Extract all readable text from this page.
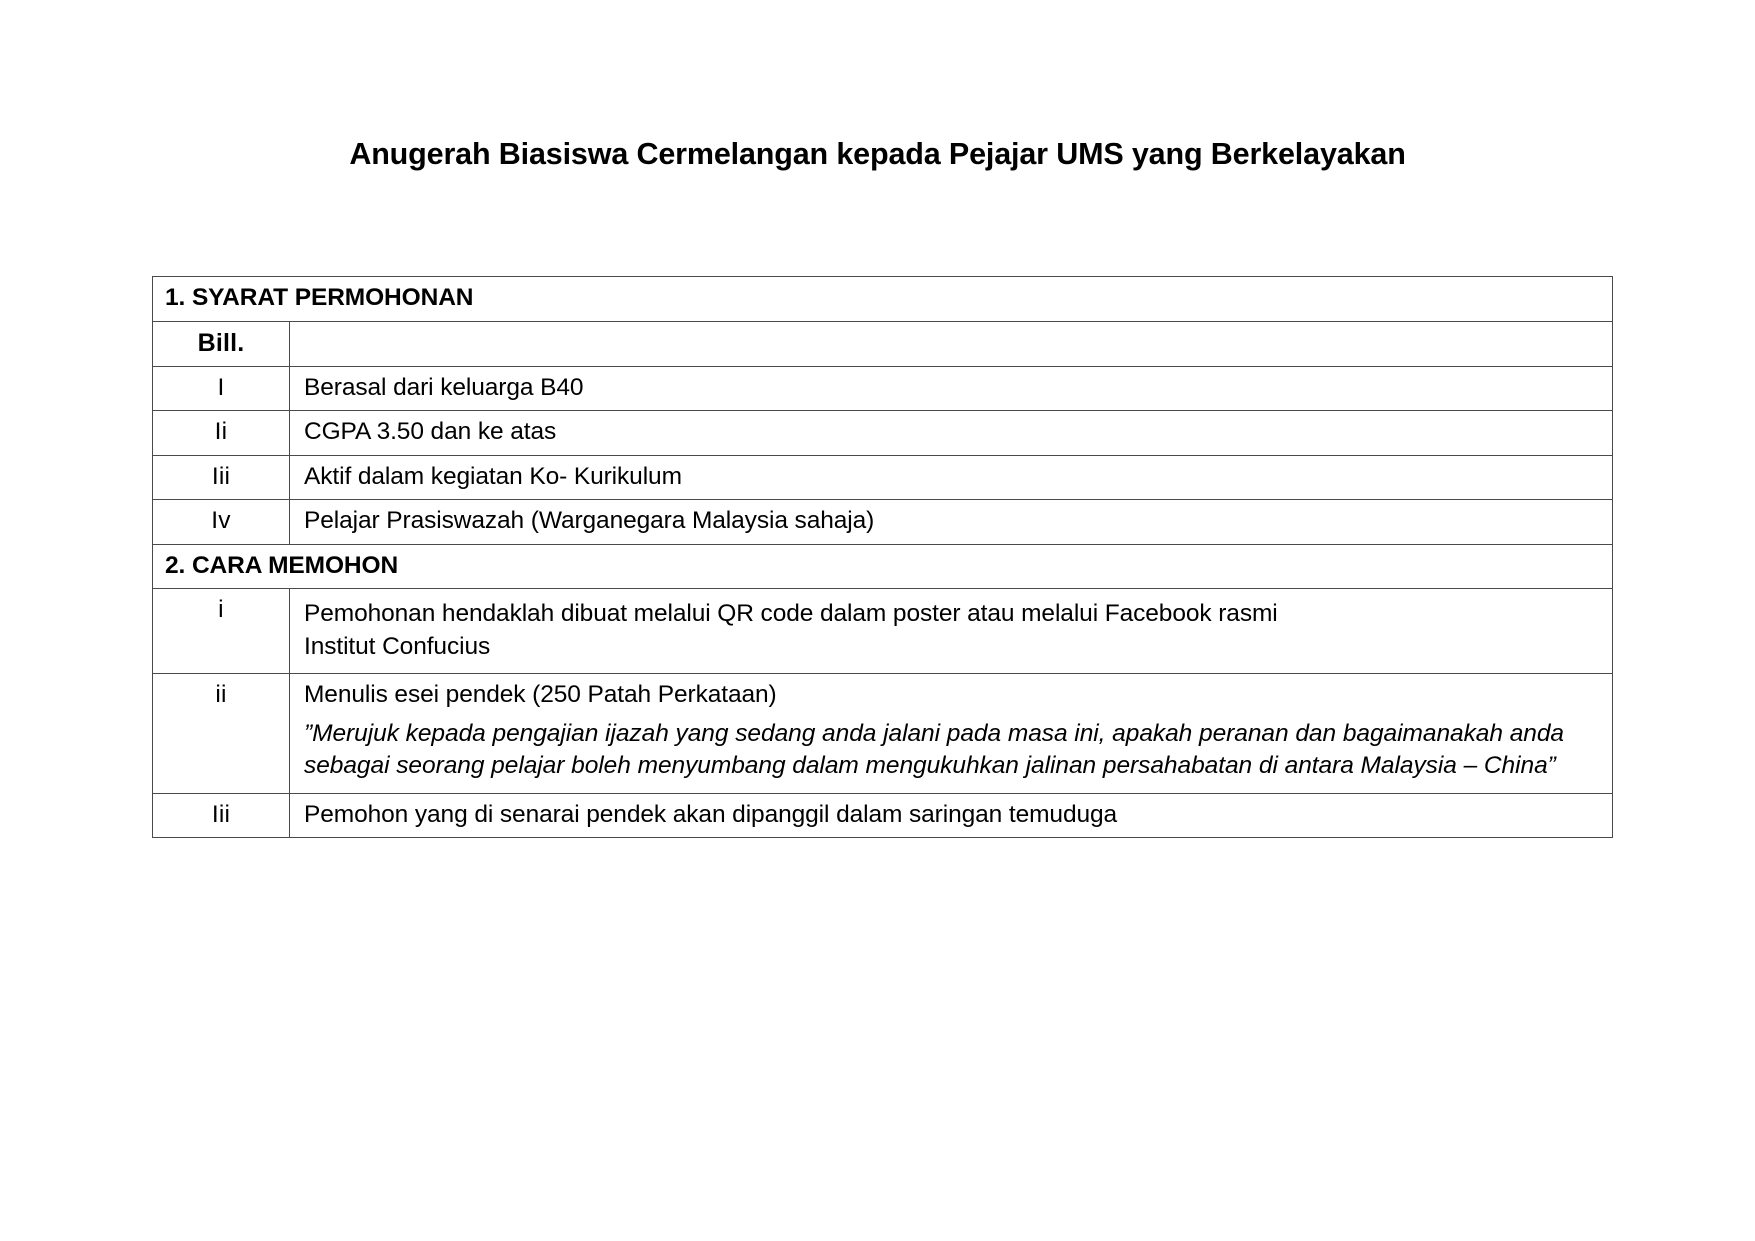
Anugerah Biasiswa Cermelangan kepada Pejajar UMS yang Berkelayakan
1. SYARAT PERMOHONAN	
Bill.	
I	Berasal dari keluarga B40
Ii	CGPA 3.50 dan ke atas
Iii	Aktif dalam kegiatan Ko- Kurikulum
Iv	Pelajar Prasiswazah (Warganegara Malaysia sahaja)
2. CARA MEMOHON	
i	Pemohonan hendaklah dibuat melalui QR code dalam poster atau melalui Facebook rasmi

Institut Confucius

ii	Menulis esei pendek (250 Patah Perkataan)

”Merujuk kepada pengajian ijazah yang sedang anda jalani pada masa ini, apakah peranan dan bagaimanakah anda sebagai seorang pelajar boleh menyumbang dalam mengukuhkan jalinan persahabatan di antara Malaysia – China”

Iii	Pemohon yang di senarai pendek akan dipanggil dalam saringan temuduga
